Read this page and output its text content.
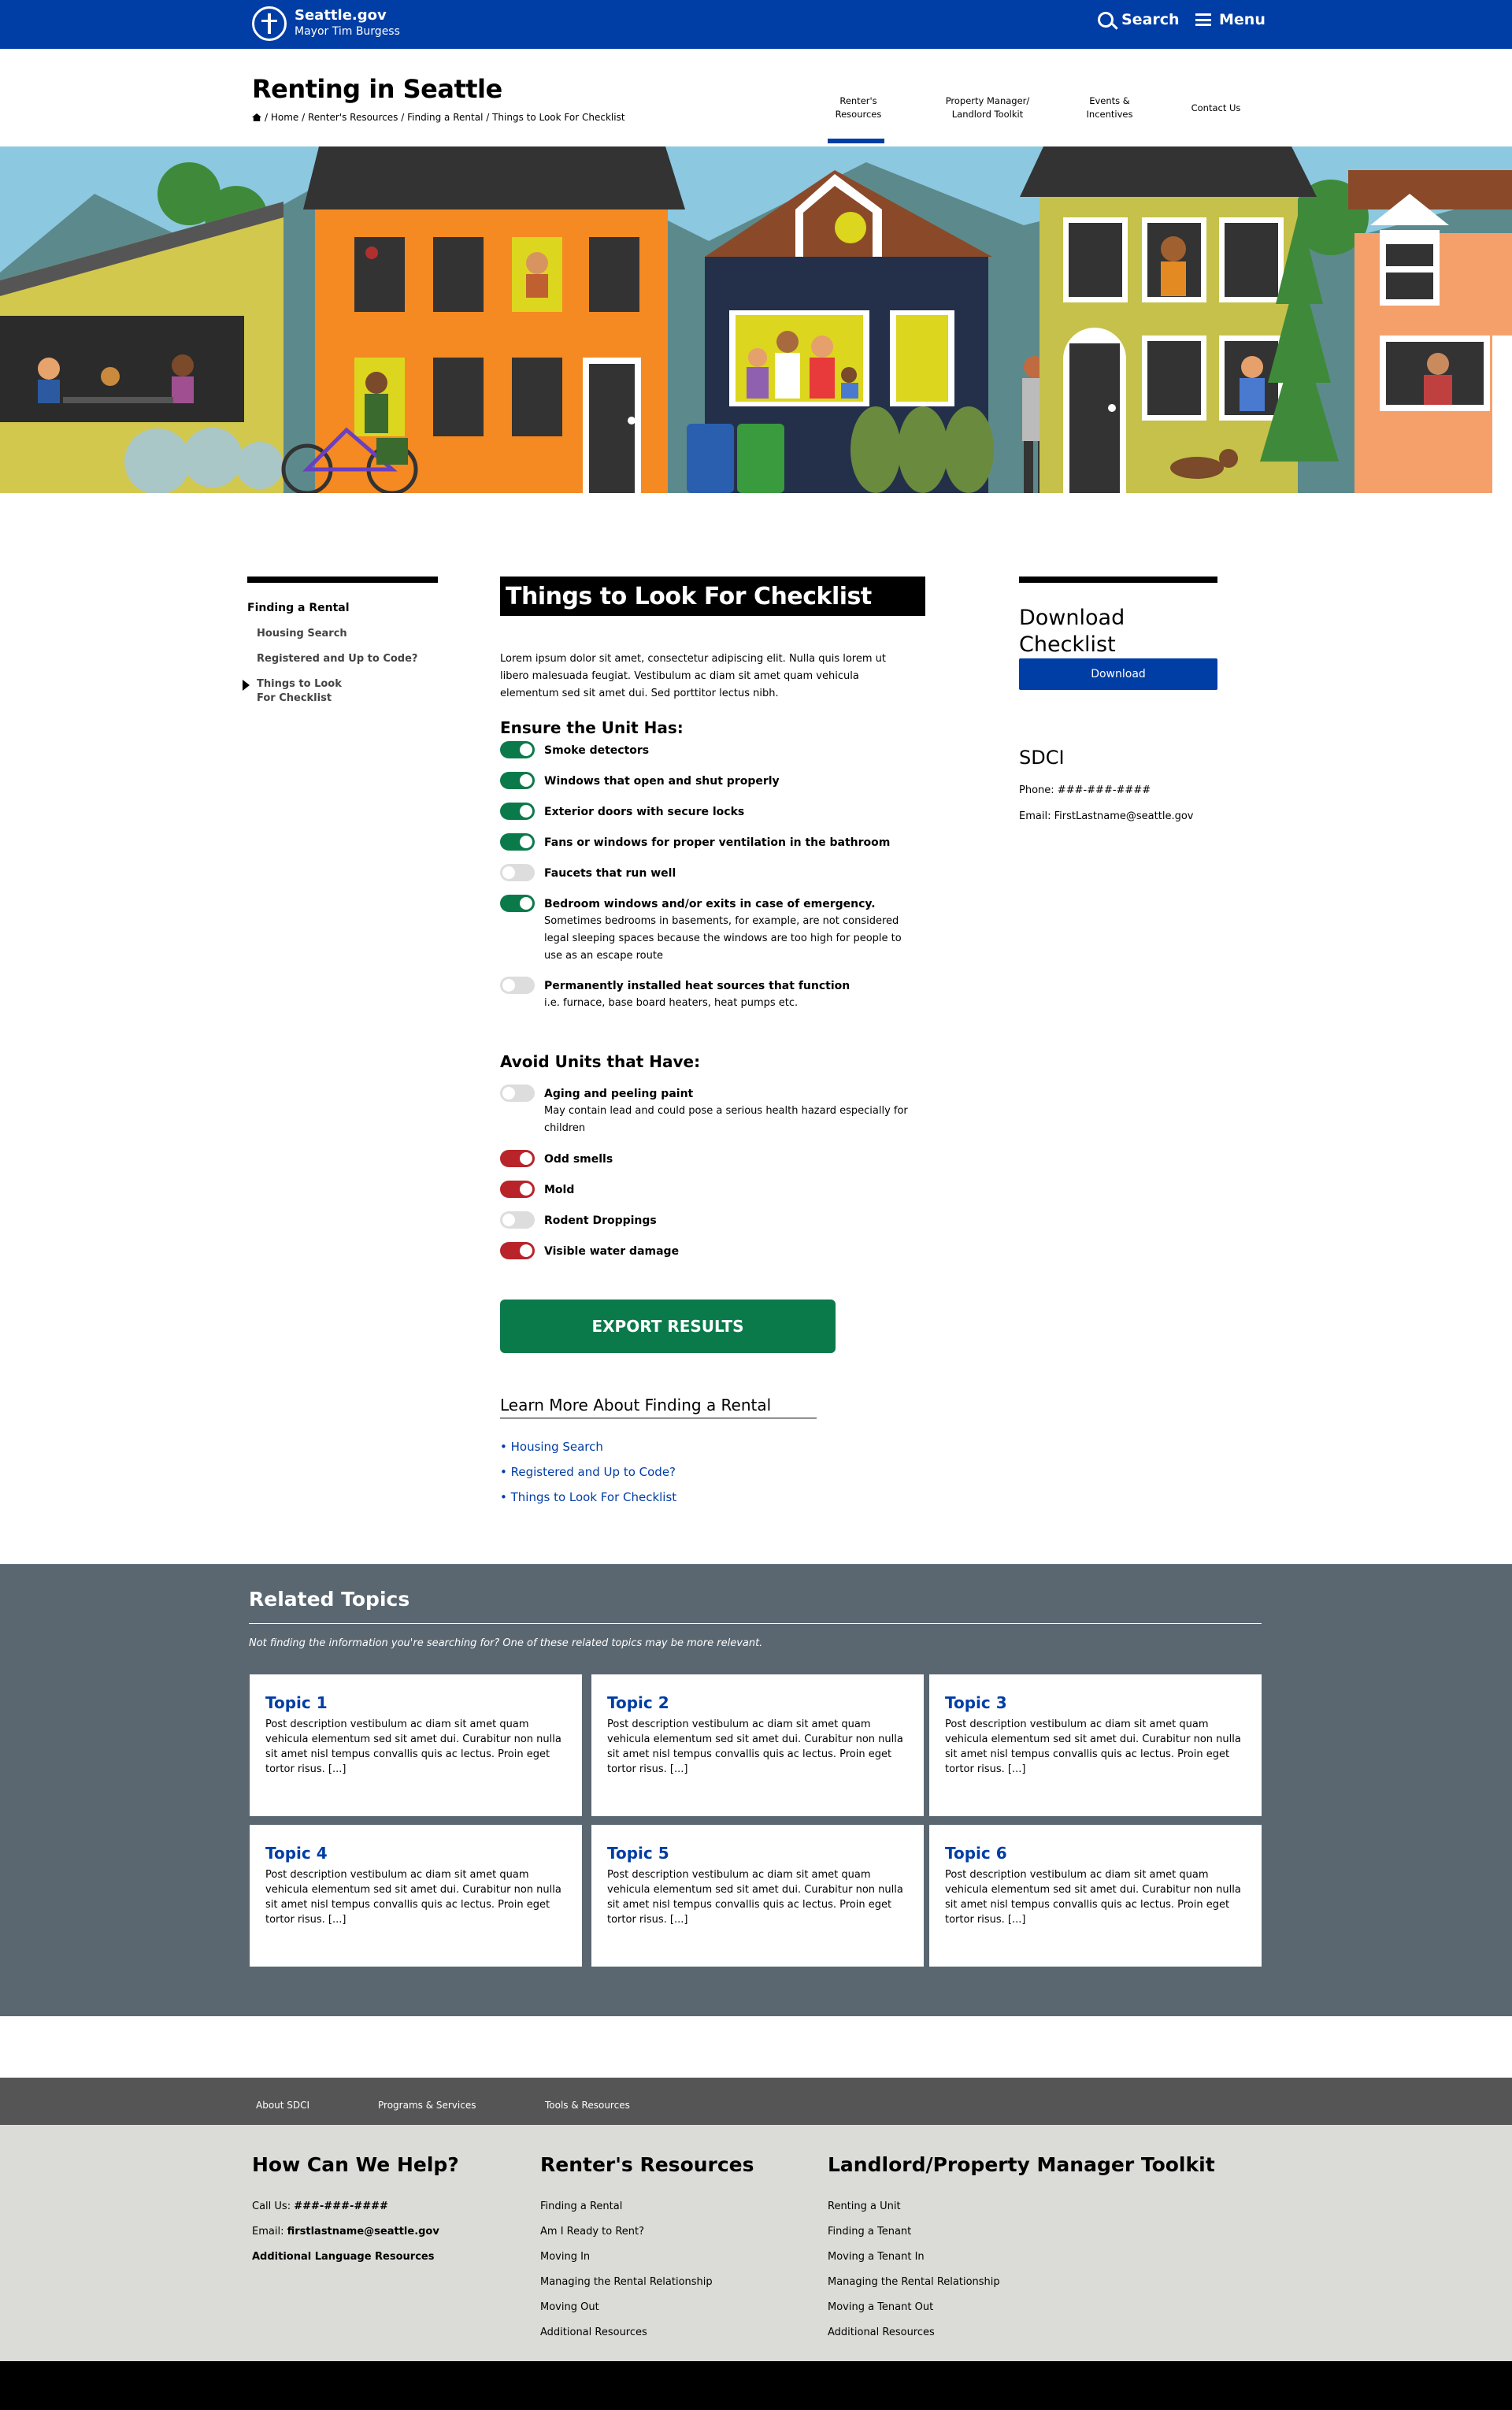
Seattle.gov
Mayor Tim Burgess
Search	Menu
Renting in Seattle
/ Home / Renter's Resources / Finding a Rental / Things to Look For Checklist
Renter's
Resources
Property Manager/
Landlord Toolkit
Events &
Incentives
Contact Us
Finding a Rental
Housing Search
Registered and Up to Code?
Things to Look
For Checklist
Things to Look For Checklist
Lorem ipsum dolor sit amet, consectetur adipiscing elit. Nulla quis lorem ut libero malesuada feugiat. Vestibulum ac diam sit amet quam vehicula elementum sed sit amet dui. Sed porttitor lectus nibh.
Ensure the Unit Has:
Smoke detectors
Windows that open and shut properly
Exterior doors with secure locks
Fans or windows for proper ventilation in the bathroom
Faucets that run well
Bedroom windows and/or exits in case of emergency.
Sometimes bedrooms in basements, for example, are not considered legal sleeping spaces because the windows are too high for people to use as an escape route
Permanently installed heat sources that function
i.e. furnace, base board heaters, heat pumps etc.
Avoid Units that Have:
Aging and peeling paint
May contain lead and could pose a serious health hazard especially for children
Odd smells
Mold
Rodent Droppings
Visible water damage
EXPORT RESULTS
Learn More About Finding a Rental
• Housing Search
• Registered and Up to Code?
• Things to Look For Checklist
Download Checklist
Download
SDCI
Phone: ###-###-####
Email: FirstLastname@seattle.gov
Related Topics
Not finding the information you're searching for? One of these related topics may be more relevant.
Topic 1
Post description vestibulum ac diam sit amet quam vehicula elementum sed sit amet dui. Curabitur non nulla sit amet nisl tempus convallis quis ac lectus. Proin eget tortor risus. [...]
Topic 2
Post description vestibulum ac diam sit amet quam vehicula elementum sed sit amet dui. Curabitur non nulla sit amet nisl tempus convallis quis ac lectus. Proin eget tortor risus. [...]
Topic 3
Post description vestibulum ac diam sit amet quam vehicula elementum sed sit amet dui. Curabitur non nulla sit amet nisl tempus convallis quis ac lectus. Proin eget tortor risus. [...]
Topic 4
Post description vestibulum ac diam sit amet quam vehicula elementum sed sit amet dui. Curabitur non nulla sit amet nisl tempus convallis quis ac lectus. Proin eget tortor risus. [...]
Topic 5
Post description vestibulum ac diam sit amet quam vehicula elementum sed sit amet dui. Curabitur non nulla sit amet nisl tempus convallis quis ac lectus. Proin eget tortor risus. [...]
Topic 6
Post description vestibulum ac diam sit amet quam vehicula elementum sed sit amet dui. Curabitur non nulla sit amet nisl tempus convallis quis ac lectus. Proin eget tortor risus. [...]
About SDCI	Programs & Services	Tools & Resources
How Can We Help?
Call Us: ###-###-####
Email: firstlastname@seattle.gov
Additional Language Resources
Renter's Resources
Finding a Rental
Am I Ready to Rent?
Moving In
Managing the Rental Relationship
Moving Out
Additional Resources
Landlord/Property Manager Toolkit
Renting a Unit
Finding a Tenant
Moving a Tenant In
Managing the Rental Relationship
Moving a Tenant Out
Additional Resources
